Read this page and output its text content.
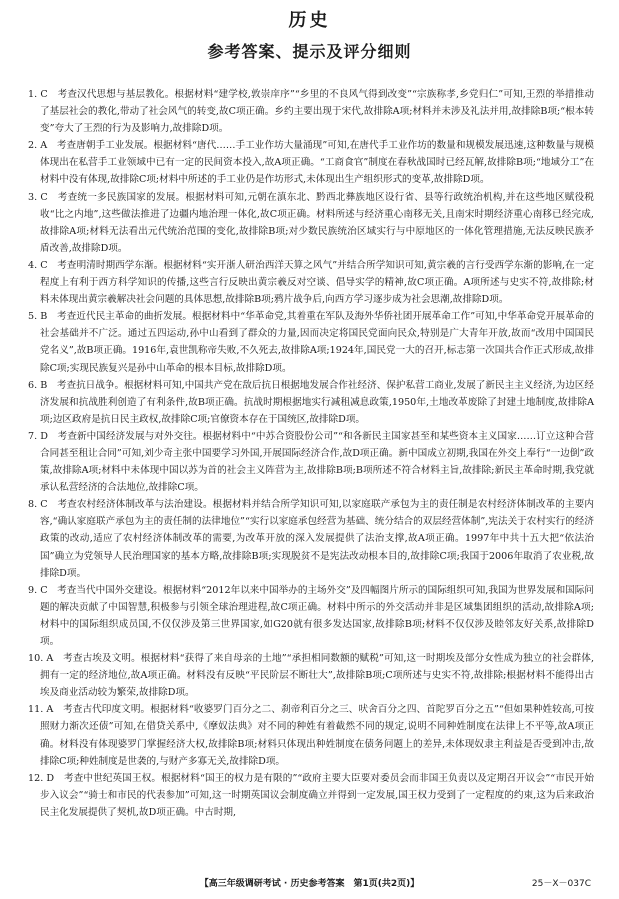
历史
参考答案、提示及评分细则

1. C　考查汉代思想与基层教化。根据材料“建学校,敦崇庠序”“乡里的不良风气得到改变”“宗族称孝,乡党归仁”可知,王烈的举措推动了基层社会的教化,带动了社会风气的转变,故C项正确。乡约主要出现于宋代,故排除A项;材料并未涉及礼法并用,故排除B项;“根本转变”夸大了王烈的行为及影响力,故排除D项。

2. A　考查唐朝手工业发展。根据材料“唐代……手工业作坊大量涌现”可知,在唐代手工业作坊的数量和规模发展迅速,这种数量与规模体现出在私营手工业领域中已有一定的民间资本投入,故A项正确。“工商食官”制度在春秋战国时已经瓦解,故排除B项;“地域分工”在材料中没有体现,故排除C项;材料中所述的手工业仍是作坊形式,未体现出生产组织形式的变革,故排除D项。

3. C　考查统一多民族国家的发展。根据材料可知,元朝在滇东北、黔西北彝族地区设行省、县等行政统治机构,并在这些地区赋役税收“比之内地”,这些做法推进了边疆内地治理一体化,故C项正确。材料所述与经济重心南移无关,且南宋时期经济重心南移已经完成,故排除A项;材料无法看出元代统治范围的变化,故排除B项;对少数民族统治区域实行与中原地区的一体化管理措施,无法反映民族矛盾改善,故排除D项。

4. C　考查明清时期西学东渐。根据材料“实开浙人研治西洋天算之风气”并结合所学知识可知,黄宗羲的言行受西学东渐的影响,在一定程度上有利于西方科学知识的传播,这些言行反映出黄宗羲反对空谈、倡导实学的精神,故C项正确。A项所述与史实不符,故排除;材料未体现出黄宗羲解决社会问题的具体思想,故排除B项;鸦片战争后,向西方学习逐步成为社会思潮,故排除D项。

5. B　考查近代民主革命的曲折发展。根据材料中“华革命党,其着重在军队及海外华侨社团开展革命工作”可知,中华革命党开展革命的社会基础并不广泛。通过五四运动,孙中山看到了群众的力量,因而决定将国民党面向民众,特别是广大青年开放,故而“改用中国国民党名义”,故B项正确。1916年,袁世凯称帝失败,不久死去,故排除A项;1924年,国民党一大的召开,标志第一次国共合作正式形成,故排除C项;实现民族复兴是孙中山革命的根本目标,故排除D项。

6. B　考查抗日战争。根据材料可知,中国共产党在敌后抗日根据地发展合作社经济、保护私营工商业,发展了新民主主义经济,为边区经济发展和抗战胜利创造了有利条件,故B项正确。抗战时期根据地实行减租减息政策,1950年,土地改革废除了封建土地制度,故排除A项;边区政府是抗日民主政权,故排除C项;官僚资本存在于国统区,故排除D项。

7. D　考查新中国经济发展与对外交往。根据材料中“中苏合资股份公司”“和各新民主国家甚至和某些资本主义国家……订立这种合营合同甚至租让合同”可知,刘少奇主张中国要学习外国,开展国际经济合作,故D项正确。新中国成立初期,我国在外交上奉行“一边倒”政策,故排除A项;材料中未体现中国以苏为首的社会主义阵营为主,故排除B项;B项所述不符合材料主旨,故排除;新民主革命时期,我党就承认私营经济的合法地位,故排除C项。

8. C　考查农村经济体制改革与法治建设。根据材料并结合所学知识可知,以家庭联产承包为主的责任制是农村经济体制改革的主要内容,“确认家庭联产承包为主的责任制的法律地位”“实行以家庭承包经营为基础、统分结合的双层经营体制”,宪法关于农村实行的经济政策的改动,适应了农村经济体制改革的需要,为改革开放的深入发展提供了法治支撑,故A项正确。1997年中共十五大把“依法治国”确立为党领导人民治理国家的基本方略,故排除B项;实现脱贫不是宪法改动根本目的,故排除C项;我国于2006年取消了农业税,故排除D项。

9. C　考查当代中国外交建设。根据材料“2012年以来中国举办的主场外交”及四幅图片所示的国际组织可知,我国为世界发展和国际问题的解决贡献了中国智慧,积极参与引领全球治理进程,故C项正确。材料中所示的外交活动并非是区域集团组织的活动,故排除A项;材料中的国际组织成员国,不仅仅涉及第三世界国家,如G20就有很多发达国家,故排除B项;材料不仅仅涉及睦邻友好关系,故排除D项。

10. A　考查古埃及文明。根据材料“获得了来自母亲的土地”“承担相同数额的赋税”可知,这一时期埃及部分女性成为独立的社会群体,拥有一定的经济地位,故A项正确。材料没有反映“平民阶层不断壮大”,故排除B项;C项所述与史实不符,故排除;根据材料不能得出古埃及商业活动较为繁荣,故排除D项。

11. A　考查古代印度文明。根据材料“收婆罗门百分之二、刹帝利百分之三、吠舍百分之四、首陀罗百分之五”“但如果种姓较高,可按照财力渐次还债”可知,在借贷关系中,《摩奴法典》对不同的种姓有着截然不同的规定,说明不同种姓制度在法律上不平等,故A项正确。材料没有体现婆罗门掌握经济大权,故排除B项;材料只体现出种姓制度在债务问题上的差异,未体现奴隶主利益是否受到冲击,故排除C项;种姓制度是世袭的,与财产多寡无关,故排除D项。

12. D　考查中世纪英国王权。根据材料“国王的权力是有限的”“政府主要大臣要对委员会而非国王负责以及定期召开议会”“市民开始步入议会”“骑士和市民的代表参加”可知,这一时期英国议会制度确立并得到一定发展,国王权力受到了一定程度的约束,这为后来政治民主化发展提供了契机,故D项正确。中古时期,

【高三年级调研考试 · 历史参考答案　第1页(共2页)】	25－X－037C
